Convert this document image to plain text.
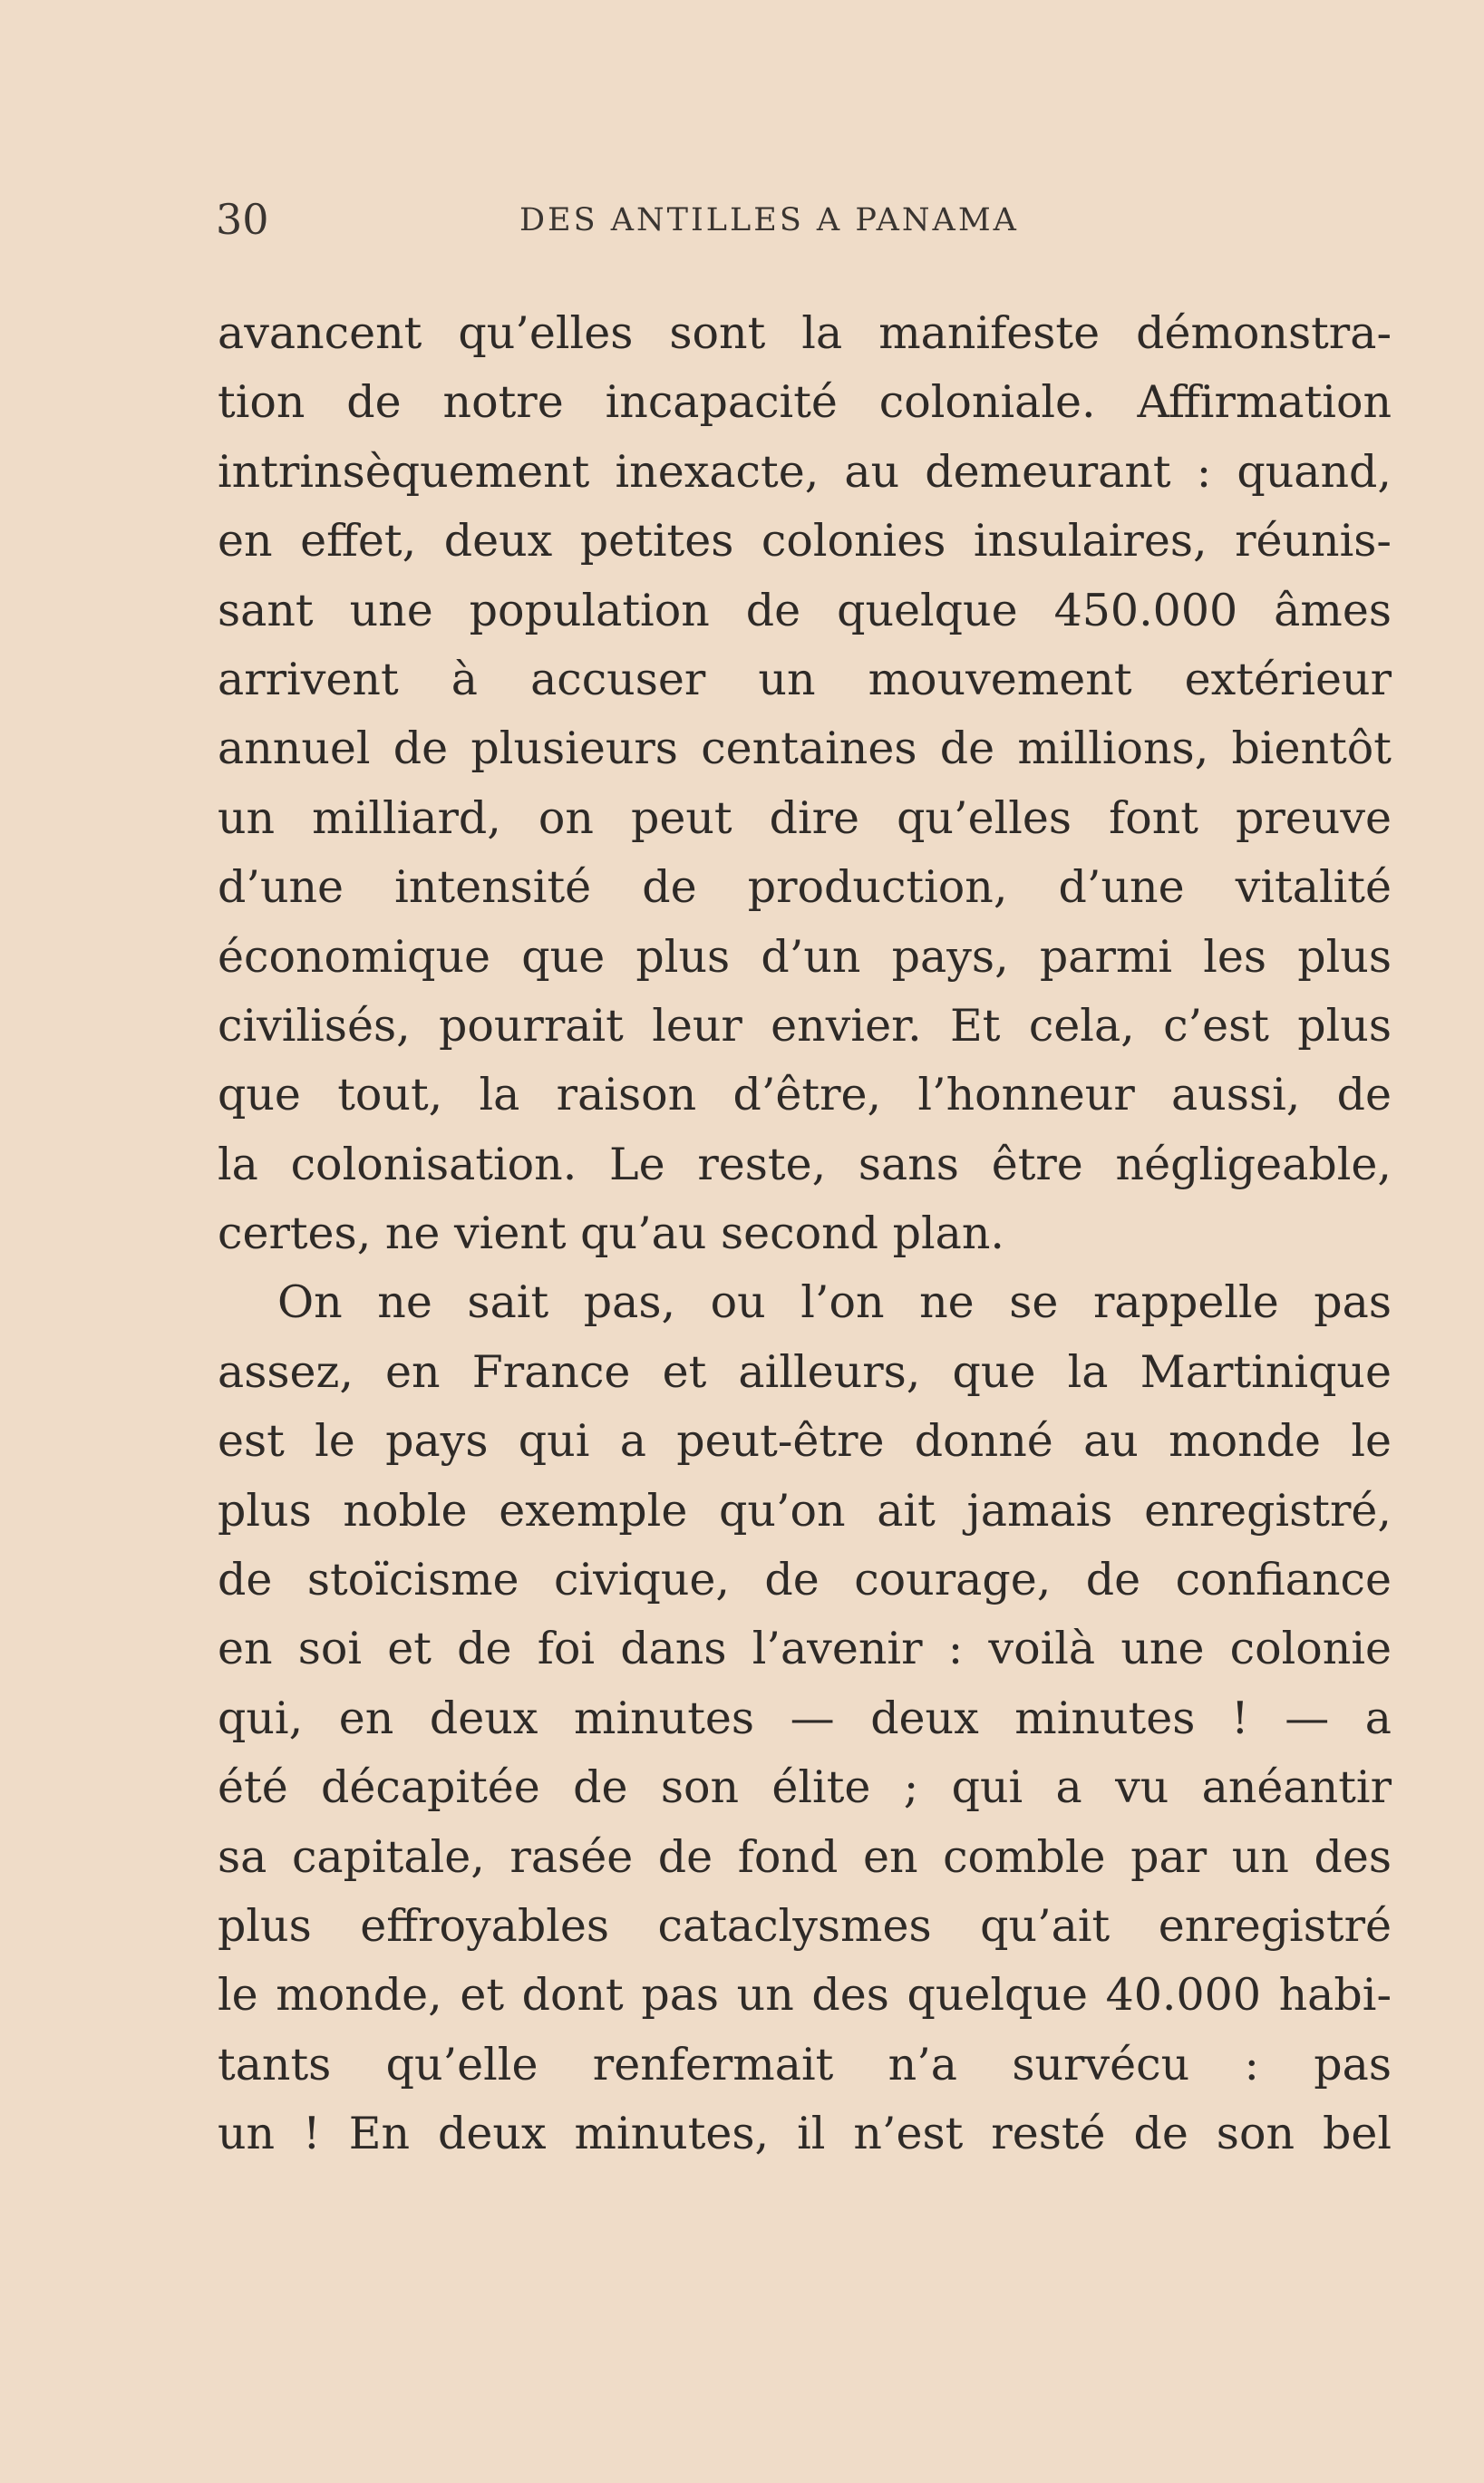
30	DES ANTILLES A PANAMA
avancent qu’elles sont la manifeste démonstra-
tion de notre incapacité coloniale. Affirmation
intrinsèquement inexacte, au demeurant : quand,
en effet, deux petites colonies insulaires, réunis-
sant une population de quelque 450.000 âmes
arrivent à accuser un mouvement extérieur
annuel de plusieurs centaines de millions, bientôt
un milliard, on peut dire qu’elles font preuve
d’une intensité de production, d’une vitalité
économique que plus d’un pays, parmi les plus
civilisés, pourrait leur envier. Et cela, c’est plus
que tout, la raison d’être, l’honneur aussi, de
la colonisation. Le reste, sans être négligeable,
certes, ne vient qu’au second plan.
On ne sait pas, ou l’on ne se rappelle pas
assez, en France et ailleurs, que la Martinique
est le pays qui a peut-être donné au monde le
plus noble exemple qu’on ait jamais enregistré,
de stoïcisme civique, de courage, de confiance
en soi et de foi dans l’avenir : voilà une colonie
qui, en deux minutes — deux minutes ! — a
été décapitée de son élite ; qui a vu anéantir
sa capitale, rasée de fond en comble par un des
plus effroyables cataclysmes qu’ait enregistré
le monde, et dont pas un des quelque 40.000 habi-
tants qu’elle renfermait n’a survécu : pas
un ! En deux minutes, il n’est resté de son bel
